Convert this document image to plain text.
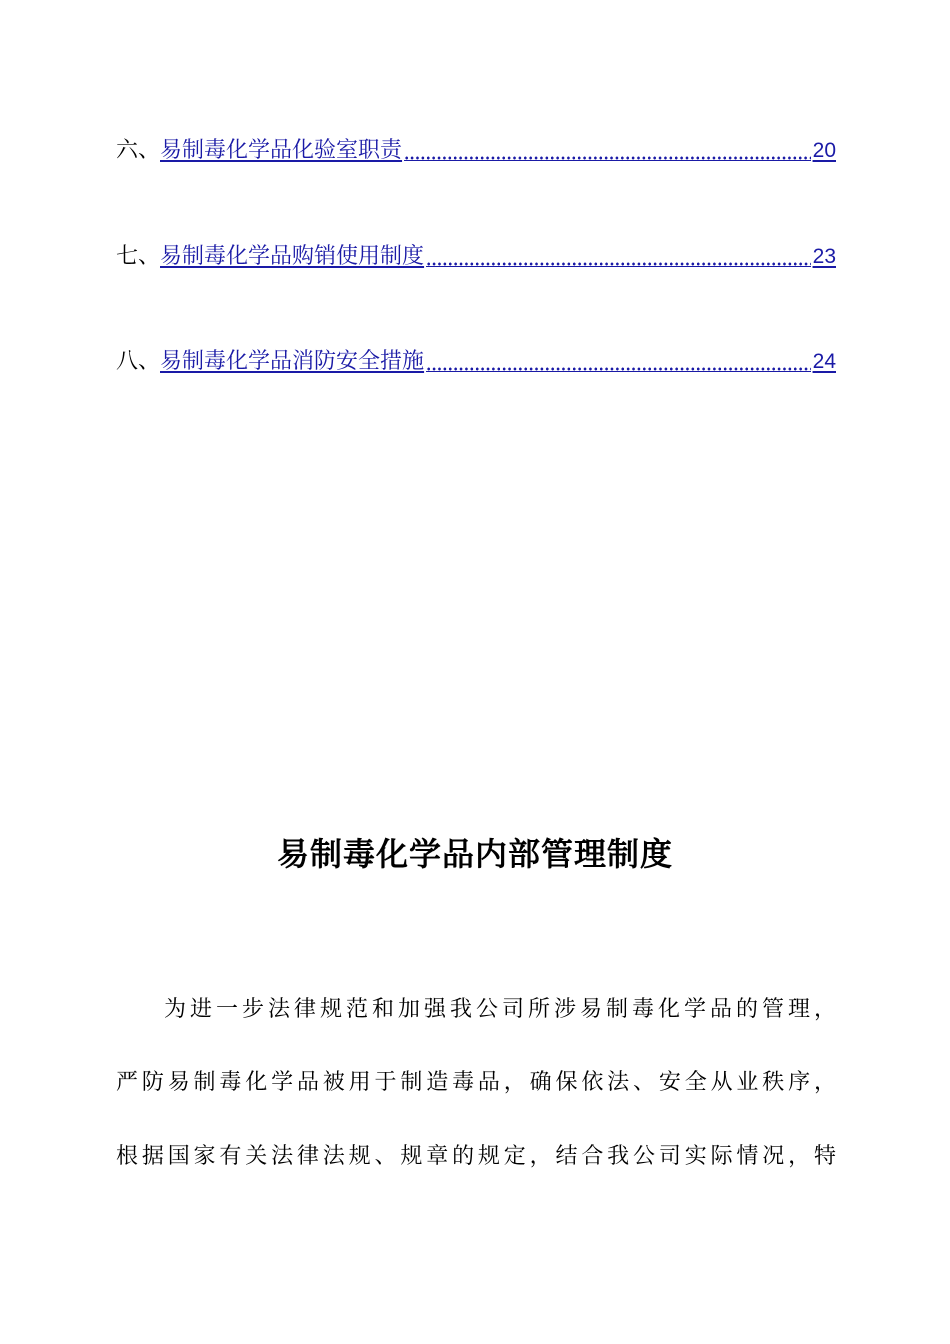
六、 易制毒化学品化验室职责	20
七、 易制毒化学品购销使用制度	23
八、 易制毒化学品消防安全措施	24
易制毒化学品内部管理制度
为进一步法律规范和加强我公司所涉易制毒化学品的管理，
严防易制毒化学品被用于制造毒品，确保依法、安全从业秩序，
根据国家有关法律法规、规章的规定，结合我公司实际情况，特
